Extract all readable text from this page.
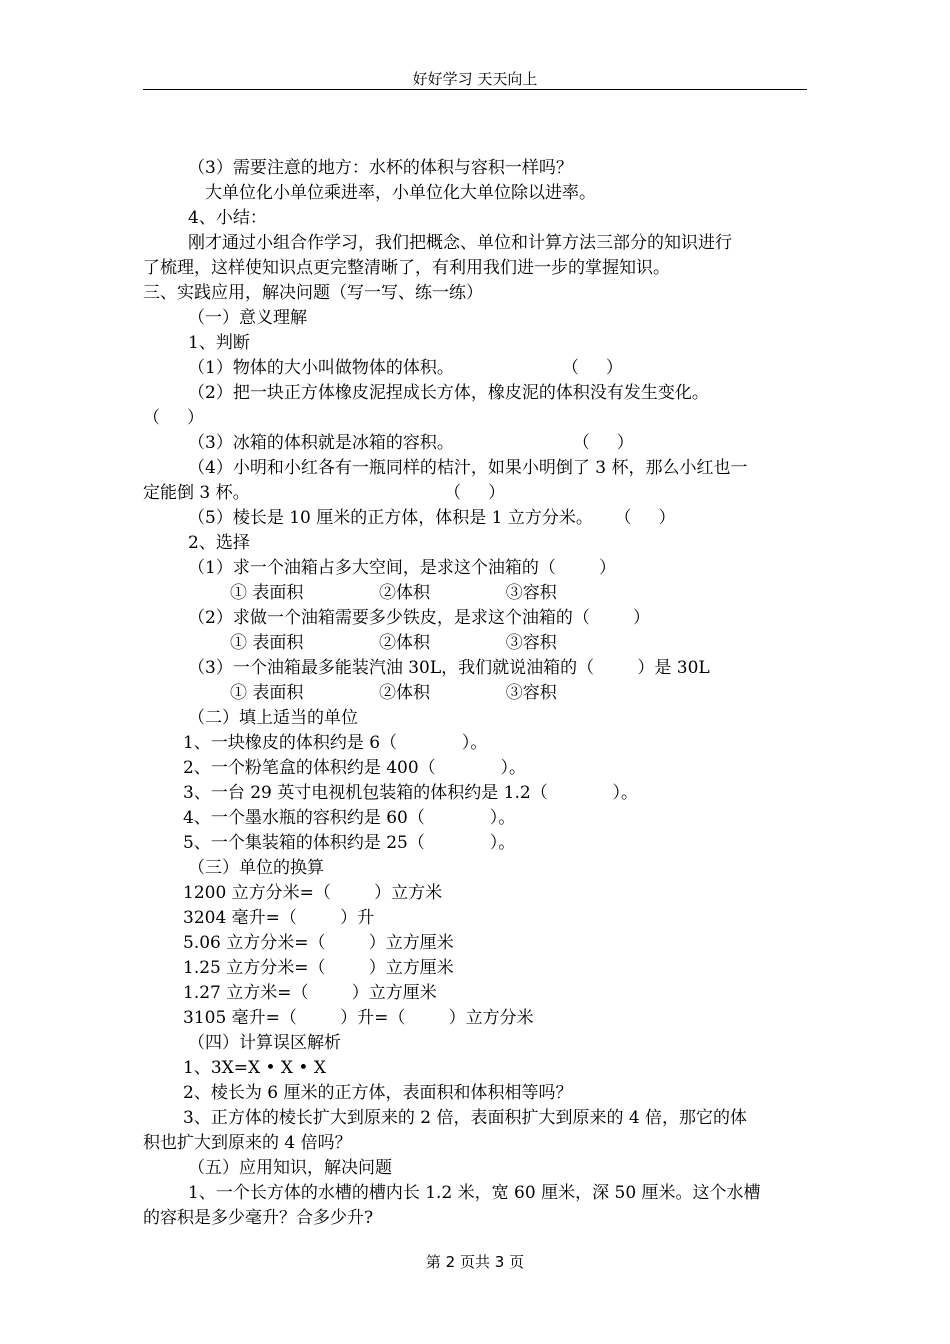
好好学习 天天向上
（3）需要注意的地方：水杯的体积与容积一样吗？
大单位化小单位乘进率，小单位化大单位除以进率。
4、小结：
刚才通过小组合作学习，我们把概念、单位和计算方法三部分的知识进行
了梳理，这样使知识点更完整清晰了，有利用我们进一步的掌握知识。
三、实践应用，解决问题（写一写、练一练）
（一）意义理解
1、判断
（1）物体的大小叫做物体的体积。                    （     ）
（2）把一块正方体橡皮泥捏成长方体，橡皮泥的体积没有发生变化。
（     ）
（3）冰箱的体积就是冰箱的容积。                      （     ）
（4）小明和小红各有一瓶同样的桔汁，如果小明倒了 3 杯，那么小红也一
定能倒 3 杯。                                    （     ）
（5）棱长是 10 厘米的正方体，体积是 1 立方分米。    （     ）
2、选择
（1）求一个油箱占多大空间，是求这个油箱的（        ）
① 表面积              ②体积              ③容积
（2）求做一个油箱需要多少铁皮，是求这个油箱的（        ）
① 表面积              ②体积              ③容积
（3）一个油箱最多能装汽油 30L，我们就说油箱的（        ）是 30L
① 表面积              ②体积              ③容积
（二）填上适当的单位
1、一块橡皮的体积约是 6（            ）。
2、一个粉笔盒的体积约是 400（            ）。
3、一台 29 英寸电视机包装箱的体积约是 1.2（            ）。
4、一个墨水瓶的容积约是 60（            ）。
5、一个集装箱的体积约是 25（            ）。
（三）单位的换算
1200 立方分米=（        ）立方米
3204 毫升=（        ）升
5.06 立方分米=（        ）立方厘米
1.25 立方分米=（        ）立方厘米
1.27 立方米=（        ）立方厘米
3105 毫升=（        ）升=（        ）立方分米
（四）计算误区解析
1、3X=X • X • X
2、棱长为 6 厘米的正方体，表面积和体积相等吗？
3、正方体的棱长扩大到原来的 2 倍，表面积扩大到原来的 4 倍，那它的体
积也扩大到原来的 4 倍吗？
（五）应用知识，解决问题
1、一个长方体的水槽的槽内长 1.2 米，宽 60 厘米，深 50 厘米。这个水槽
的容积是多少毫升？合多少升?
第 2 页共 3 页
